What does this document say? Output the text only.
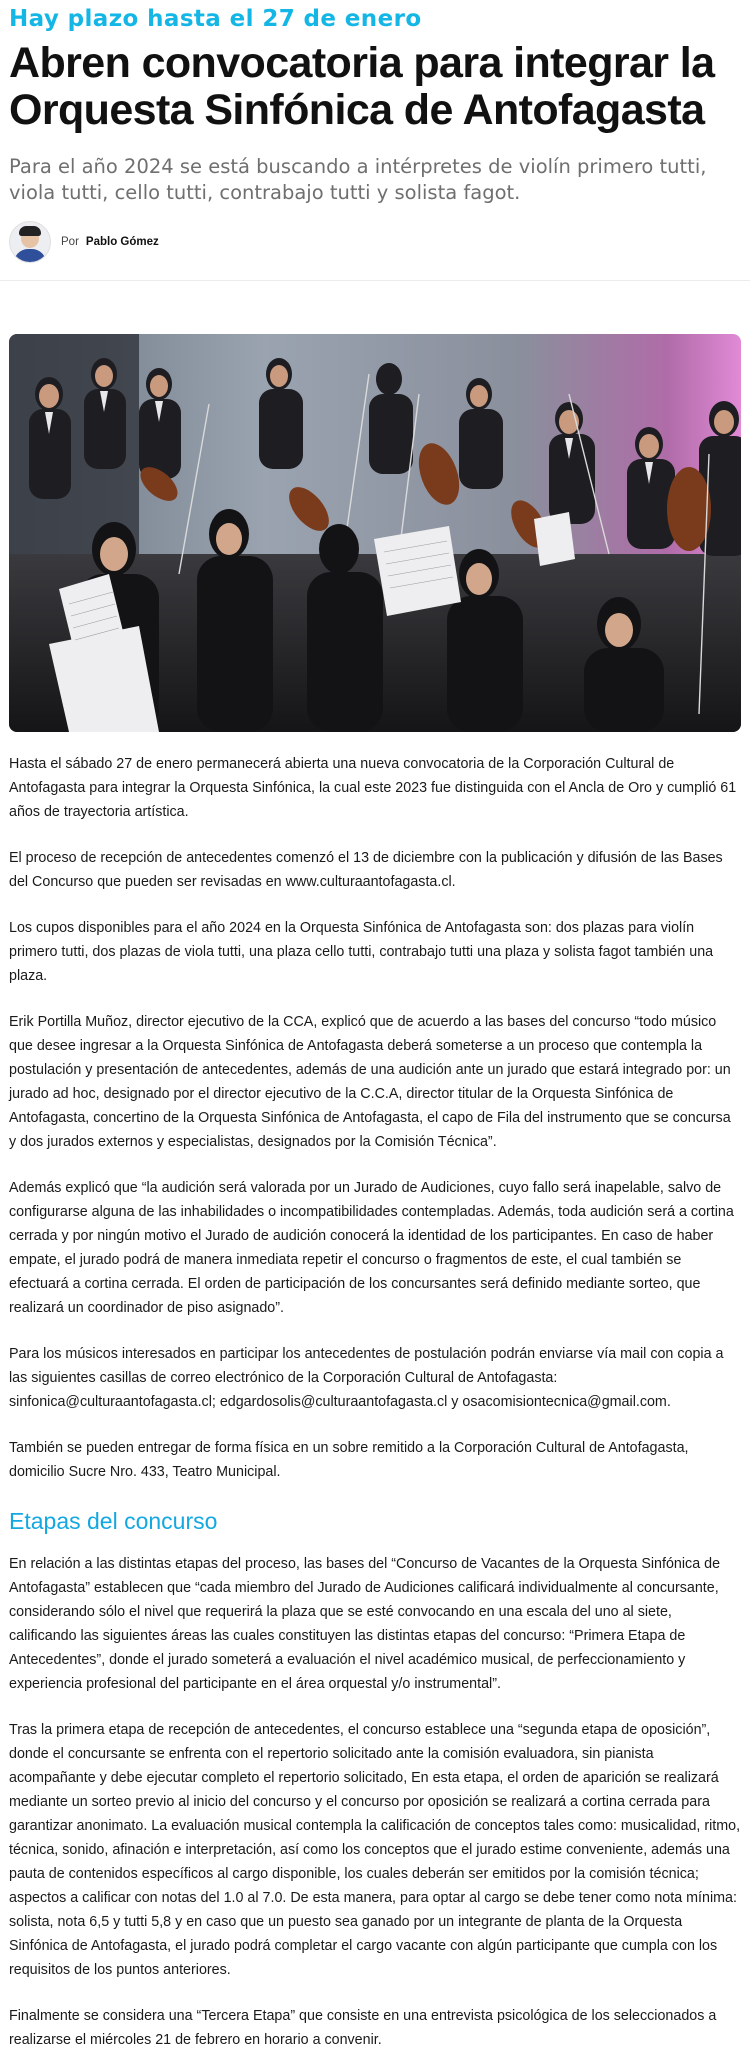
Hay plazo hasta el 27 de enero
Abren convocatoria para integrar la Orquesta Sinfónica de Antofagasta
Para el año 2024 se está buscando a intérpretes de violín primero tutti, viola tutti, cello tutti, contrabajo tutti y solista fagot.
Por Pablo Gómez

Hasta el sábado 27 de enero permanecerá abierta una nueva convocatoria de la Corporación Cultural de Antofagasta para integrar la Orquesta Sinfónica, la cual este 2023 fue distinguida con el Ancla de Oro y cumplió 61 años de trayectoria artística.

El proceso de recepción de antecedentes comenzó el 13 de diciembre con la publicación y difusión de las Bases del Concurso que pueden ser revisadas en www.culturaantofagasta.cl.

Los cupos disponibles para el año 2024 en la Orquesta Sinfónica de Antofagasta son: dos plazas para violín primero tutti, dos plazas de viola tutti, una plaza cello tutti, contrabajo tutti una plaza y solista fagot también una plaza.

Erik Portilla Muñoz, director ejecutivo de la CCA, explicó que de acuerdo a las bases del concurso “todo músico que desee ingresar a la Orquesta Sinfónica de Antofagasta deberá someterse a un proceso que contempla la postulación y presentación de antecedentes, además de una audición ante un jurado que estará integrado por: un jurado ad hoc, designado por el director ejecutivo de la C.C.A, director titular de la Orquesta Sinfónica de Antofagasta, concertino de la Orquesta Sinfónica de Antofagasta, el capo de Fila del instrumento que se concursa y dos jurados externos y especialistas, designados por la Comisión Técnica”.

Además explicó que “la audición será valorada por un Jurado de Audiciones, cuyo fallo será inapelable, salvo de configurarse alguna de las inhabilidades o incompatibilidades contempladas. Además, toda audición será a cortina cerrada y por ningún motivo el Jurado de audición conocerá la identidad de los participantes. En caso de haber empate, el jurado podrá de manera inmediata repetir el concurso o fragmentos de este, el cual también se efectuará a cortina cerrada. El orden de participación de los concursantes será definido mediante sorteo, que realizará un coordinador de piso asignado”.

Para los músicos interesados en participar los antecedentes de postulación podrán enviarse vía mail con copia a las siguientes casillas de correo electrónico de la Corporación Cultural de Antofagasta: sinfonica@culturaantofagasta.cl; edgardosolis@culturaantofagasta.cl y osacomisiontecnica@gmail.com.

También se pueden entregar de forma física en un sobre remitido a la Corporación Cultural de Antofagasta, domicilio Sucre Nro. 433, Teatro Municipal.

Etapas del concurso

En relación a las distintas etapas del proceso, las bases del “Concurso de Vacantes de la Orquesta Sinfónica de Antofagasta” establecen que “cada miembro del Jurado de Audiciones calificará individualmente al concursante, considerando sólo el nivel que requerirá la plaza que se esté convocando en una escala del uno al siete, calificando las siguientes áreas las cuales constituyen las distintas etapas del concurso: “Primera Etapa de Antecedentes”, donde el jurado someterá a evaluación el nivel académico musical, de perfeccionamiento y experiencia profesional del participante en el área orquestal y/o instrumental”.

Tras la primera etapa de recepción de antecedentes, el concurso establece una “segunda etapa de oposición”, donde el concursante se enfrenta con el repertorio solicitado ante la comisión evaluadora, sin pianista acompañante y debe ejecutar completo el repertorio solicitado, En esta etapa, el orden de aparición se realizará mediante un sorteo previo al inicio del concurso y el concurso por oposición se realizará a cortina cerrada para garantizar anonimato. La evaluación musical contempla la calificación de conceptos tales como: musicalidad, ritmo, técnica, sonido, afinación e interpretación, así como los conceptos que el jurado estime conveniente, además una pauta de contenidos específicos al cargo disponible, los cuales deberán ser emitidos por la comisión técnica; aspectos a calificar con notas del 1.0 al 7.0. De esta manera, para optar al cargo se debe tener como nota mínima: solista, nota 6,5 y tutti 5,8 y en caso que un puesto sea ganado por un integrante de planta de la Orquesta Sinfónica de Antofagasta, el jurado podrá completar el cargo vacante con algún participante que cumpla con los requisitos de los puntos anteriores.

Finalmente se considera una “Tercera Etapa” que consiste en una entrevista psicológica de los seleccionados a realizarse el miércoles 21 de febrero en horario a convenir.
